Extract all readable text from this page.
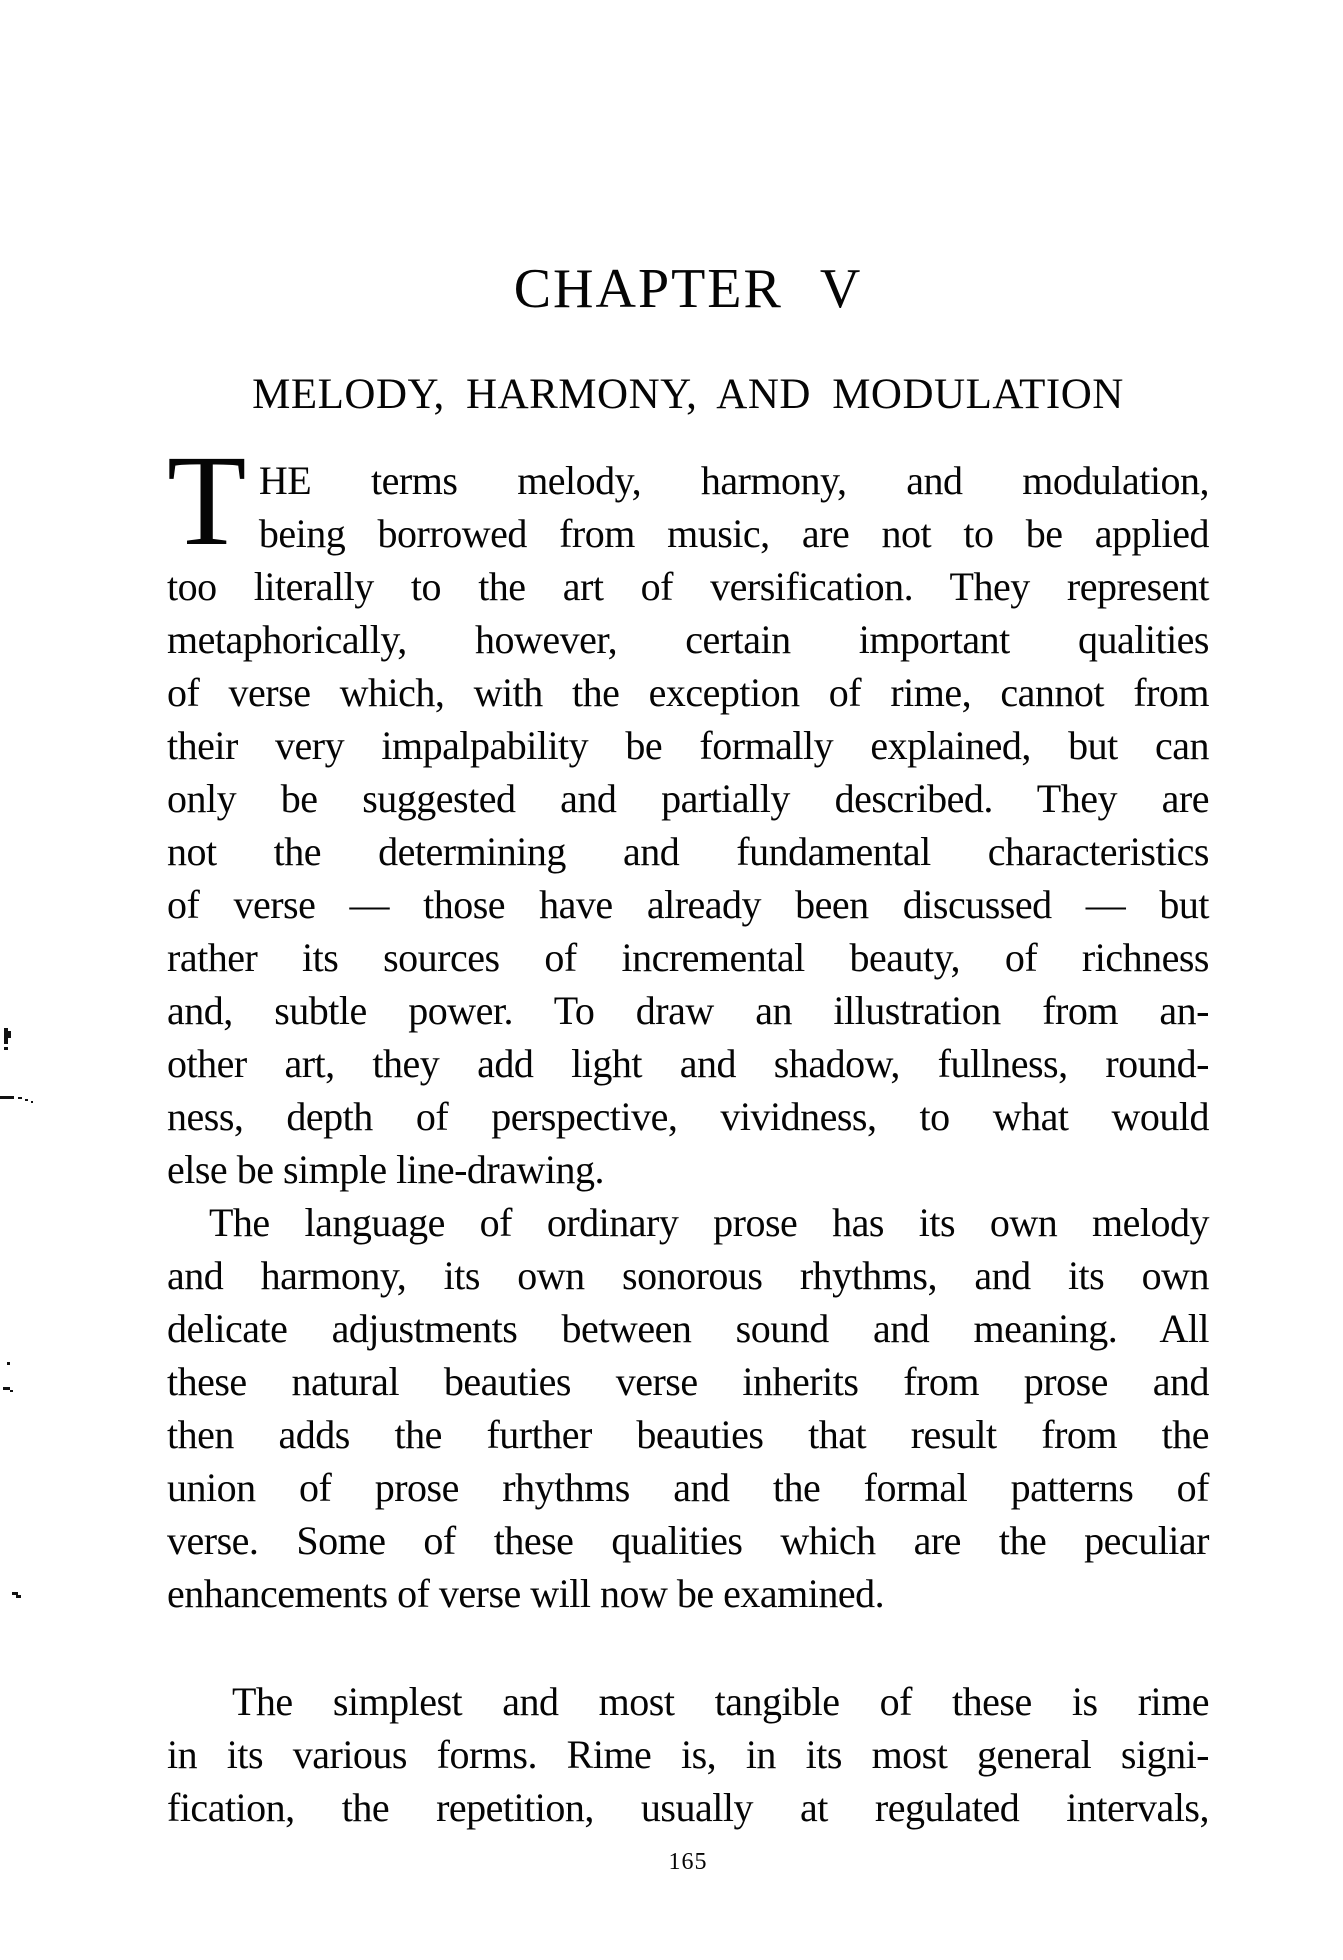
CHAPTER V
MELODY, HARMONY, AND MODULATION
T HE terms melody, harmony, and modulation,
being borrowed from music, are not to be applied
too literally to the art of versification. They represent
metaphorically, however, certain important qualities
of verse which, with the exception of rime, cannot from
their very impalpability be formally explained, but can
only be suggested and partially described. They are
not the determining and fundamental characteristics
of verse — those have already been discussed — but
rather its sources of incremental beauty, of richness
and, subtle power. To draw an illustration from an-
other art, they add light and shadow, fullness, round-
ness, depth of perspective, vividness, to what would
else be simple line-drawing.
The language of ordinary prose has its own melody
and harmony, its own sonorous rhythms, and its own
delicate adjustments between sound and meaning. All
these natural beauties verse inherits from prose and
then adds the further beauties that result from the
union of prose rhythms and the formal patterns of
verse. Some of these qualities which are the peculiar
enhancements of verse will now be examined.
The simplest and most tangible of these is rime
in its various forms. Rime is, in its most general signi-
fication, the repetition, usually at regulated intervals,
165
